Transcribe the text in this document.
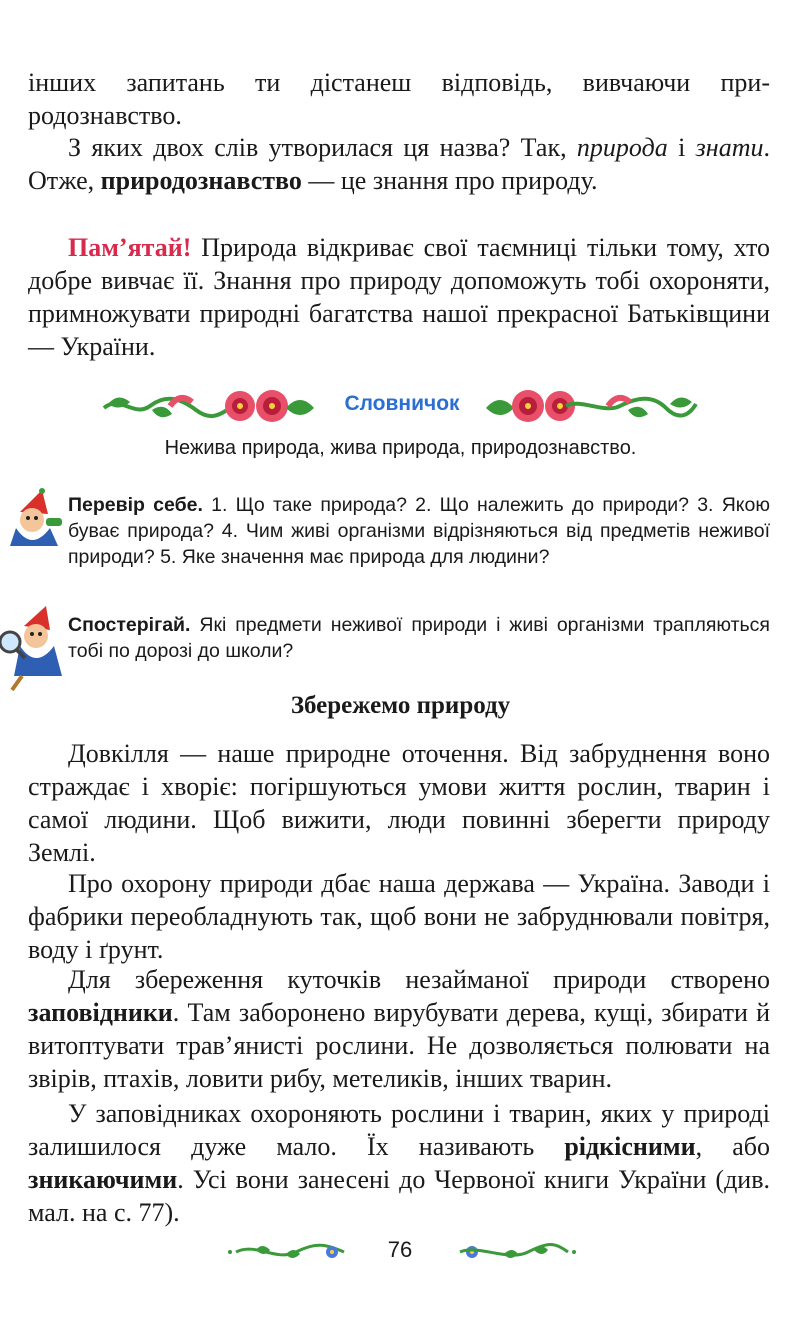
інших запитань ти дістанеш відповідь, вивчаючи при-родознавство.

З яких двох слів утворилася ця назва? Так, природа і знати. Отже, природознавство — це знання про природу.

Пам’ятай! Природа відкриває свої таємниці тільки тому, хто добре вивчає її. Знання про природу допоможуть тобі охороняти, примножувати природні багатства нашої прекрасної Батьківщини — України.

Словничок
Нежива природа, жива природа, природознавство.
Перевір себе. 1. Що таке природа? 2. Що належить до природи? 3. Якою буває природа? 4. Чим живі організми відрізняються від предметів неживої природи? 5. Яке значення має природа для людини?
Спостерігай. Які предмети неживої природи і живі організми трапляються тобі по дорозі до школи?
Збережемо природу

Довкілля — наше природне оточення. Від забруднення воно страждає і хворіє: погіршуються умови життя рослин, тварин і самої людини. Щоб вижити, люди повинні зберегти природу Землі.

Про охорону природи дбає наша держава — Україна. Заводи і фабрики переобладнують так, щоб вони не забруднювали повітря, воду і ґрунт.

Для збереження куточків незайманої природи створено заповідники. Там заборонено вирубувати дерева, кущі, збирати й витоптувати трав’янисті рослини. Не дозволяється полювати на звірів, птахів, ловити рибу, метеликів, інших тварин.

У заповідниках охороняють рослини і тварин, яких у природі залишилося дуже мало. Їх називають рідкісними, або зникаючими. Усі вони занесені до Червоної книги України (див. мал. на с. 77).

76
